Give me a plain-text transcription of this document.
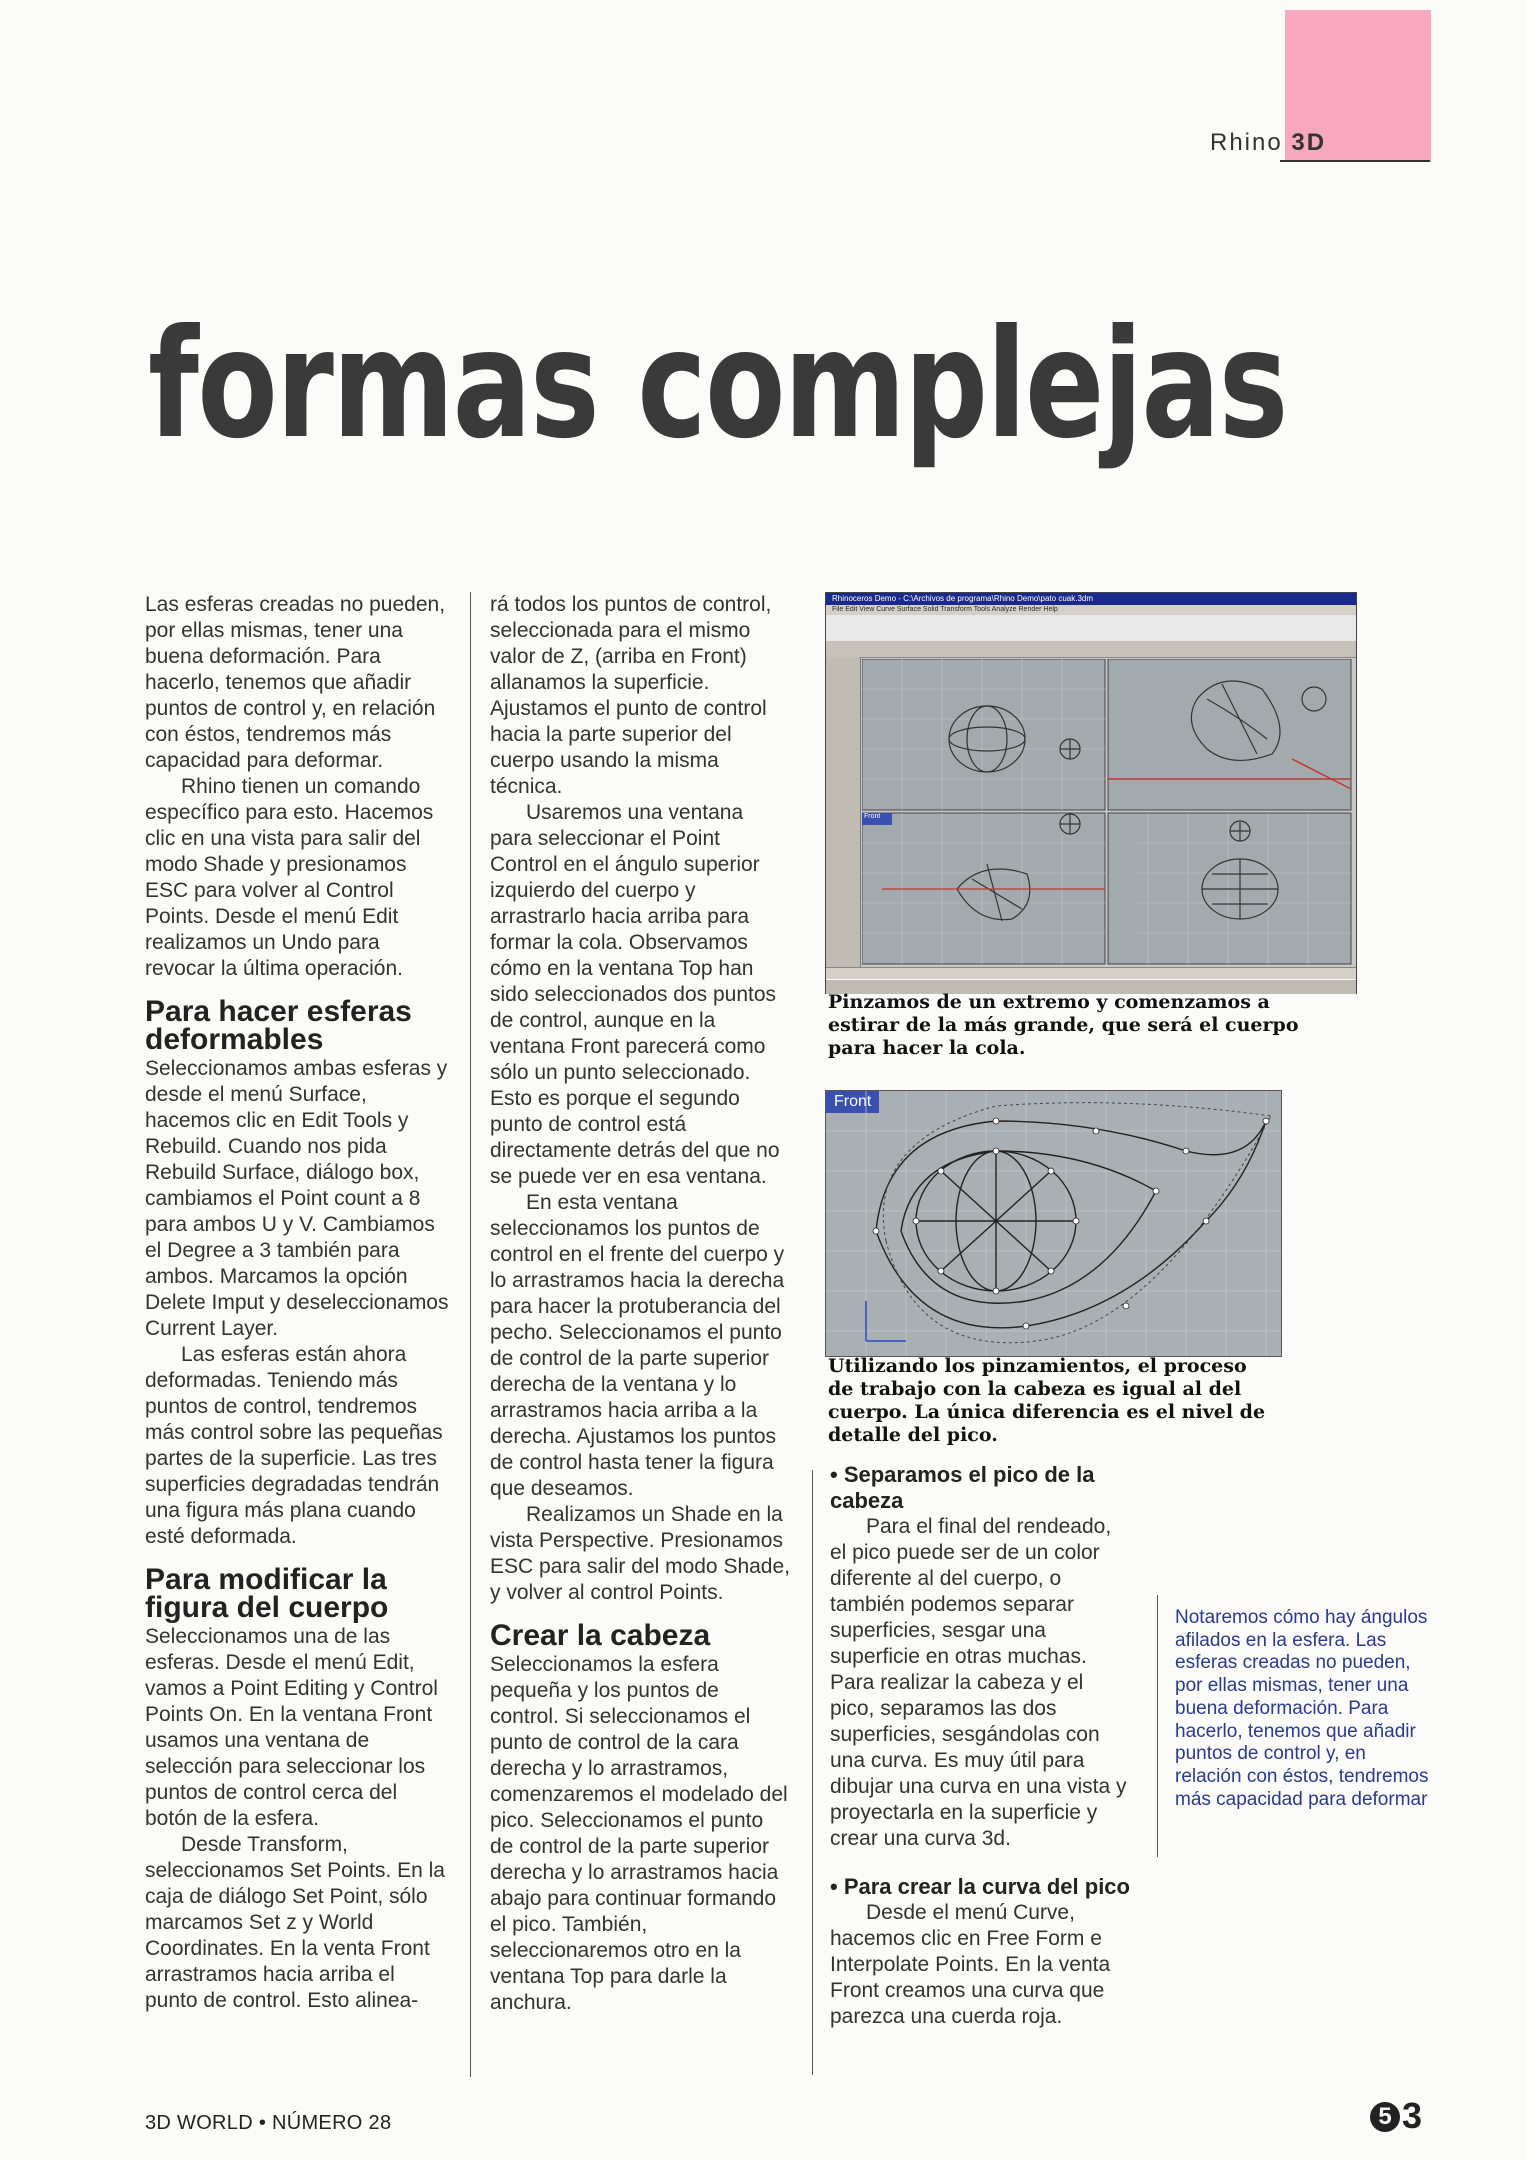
Rhino 3D
formas complejas

Las esferas creadas no pueden, por ellas mismas, tener una buena deformación. Para hacerlo, tenemos que añadir puntos de control y, en relación con éstos, tendremos más capacidad para deformar.

Rhino tienen un comando específico para esto. Hacemos clic en una vista para salir del modo Shade y presionamos ESC para volver al Control Points. Desde el menú Edit realizamos un Undo para revocar la última operación.

Para hacer esferas deformables

Seleccionamos ambas esferas y desde el menú Surface, hacemos clic en Edit Tools y Rebuild. Cuando nos pida Rebuild Surface, diálogo box, cambiamos el Point count a 8 para ambos U y V. Cambiamos el Degree a 3 también para ambos. Marcamos la opción Delete Imput y deseleccionamos Current Layer.

Las esferas están ahora deformadas. Teniendo más puntos de control, tendremos más control sobre las pequeñas partes de la superficie. Las tres superficies degradadas tendrán una figura más plana cuando esté deformada.

Para modificar la figura del cuerpo

Seleccionamos una de las esferas. Desde el menú Edit, vamos a Point Editing y Control Points On. En la ventana Front usamos una ventana de selección para seleccionar los puntos de control cerca del botón de la esfera.

Desde Transform, seleccionamos Set Points. En la caja de diálogo Set Point, sólo marcamos Set z y World Coordinates. En la venta Front arrastramos hacia arriba el punto de control. Esto alinea-

rá todos los puntos de control, seleccionada para el mismo valor de Z, (arriba en Front) allanamos la superficie. Ajustamos el punto de control hacia la parte superior del cuerpo usando la misma técnica.

Usaremos una ventana para seleccionar el Point Control en el ángulo superior izquierdo del cuerpo y arrastrarlo hacia arriba para formar la cola. Observamos cómo en la ventana Top han sido seleccionados dos puntos de control, aunque en la ventana Front parecerá como sólo un punto seleccionado. Esto es porque el segundo punto de control está directamente detrás del que no se puede ver en esa ventana.

En esta ventana seleccionamos los puntos de control en el frente del cuerpo y lo arrastramos hacia la derecha para hacer la protuberancia del pecho. Seleccionamos el punto de control de la parte superior derecha de la ventana y lo arrastramos hacia arriba a la derecha. Ajustamos los puntos de control hasta tener la figura que deseamos.

Realizamos un Shade en la vista Perspective. Presionamos ESC para salir del modo Shade, y volver al control Points.

Crear la cabeza

Seleccionamos la esfera pequeña y los puntos de control. Si seleccionamos el punto de control de la cara derecha y lo arrastramos, comenzaremos el modelado del pico. Seleccionamos el punto de control de la parte superior derecha y lo arrastramos hacia abajo para continuar formando el pico. También, seleccionaremos otro en la ventana Top para darle la anchura.

Rhinoceros Demo - C:\Archivos de programa\Rhino Demo\pato cuak.3dm
File Edit View Curve Surface Solid Transform Tools Analyze Render Help
Front
Pinzamos de un extremo y comenzamos a estirar de la más grande, que será el cuerpo para hacer la cola.
Front
Utilizando los pinzamientos, el proceso de trabajo con la cabeza es igual al del cuerpo. La única diferencia es el nivel de detalle del pico.
• Separamos el pico de la cabeza

Para el final del rendeado, el pico puede ser de un color diferente al del cuerpo, o también podemos separar superficies, sesgar una superficie en otras muchas. Para realizar la cabeza y el pico, separamos las dos superficies, sesgándolas con una curva. Es muy útil para dibujar una curva en una vista y proyectarla en la superficie y crear una curva 3d.

• Para crear la curva del pico

Desde el menú Curve, hacemos clic en Free Form e Interpolate Points. En la venta Front creamos una curva que parezca una cuerda roja.

Notaremos cómo hay ángulos afilados en la esfera. Las esferas creadas no pueden, por ellas mismas, tener una buena deformación. Para hacerlo, tenemos que añadir puntos de control y, en relación con éstos, tendremos más capacidad para deformar
3D WORLD • NÚMERO 28	5 3
